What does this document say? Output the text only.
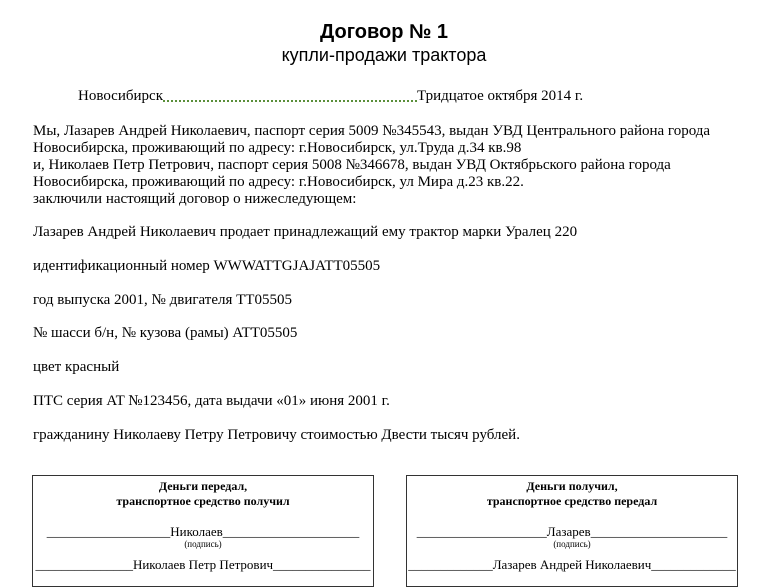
Договор № 1
купли-продажи трактора
Новосибирск	Тридцатое октября 2014 г.
Мы, Лазарев Андрей Николаевич, паспорт серия 5009 №345543, выдан УВД Центрального района города
Новосибирска, проживающий по адресу: г.Новосибирск, ул.Труда д.34 кв.98
и, Николаев Петр Петрович, паспорт серия 5008 №346678, выдан УВД Октябрьского района города
Новосибирска, проживающий по адресу: г.Новосибирск, ул Мира д.23 кв.22.
заключили настоящий договор о нижеследующем:
Лазарев Андрей Николаевич продает принадлежащий ему трактор марки Уралец 220
идентификационный номер WWWATTGJAJATT05505
год выпуска 2001, № двигателя TT05505
№ шасси б/н, № кузова (рамы) ATT05505
цвет красный
ПТС серия AT №123456, дата выдачи «01» июня 2001 г.
гражданину Николаеву Петру Петровичу стоимостью Двести тысяч рублей.
Деньги передал,
транспортное средство получил
___________________Николаев_____________________
(подпись)
_______________Николаев Петр Петрович_______________
Деньги получил,
транспортное средство передал
____________________Лазарев_____________________
(подпись)
_____________Лазарев Андрей Николаевич_____________
